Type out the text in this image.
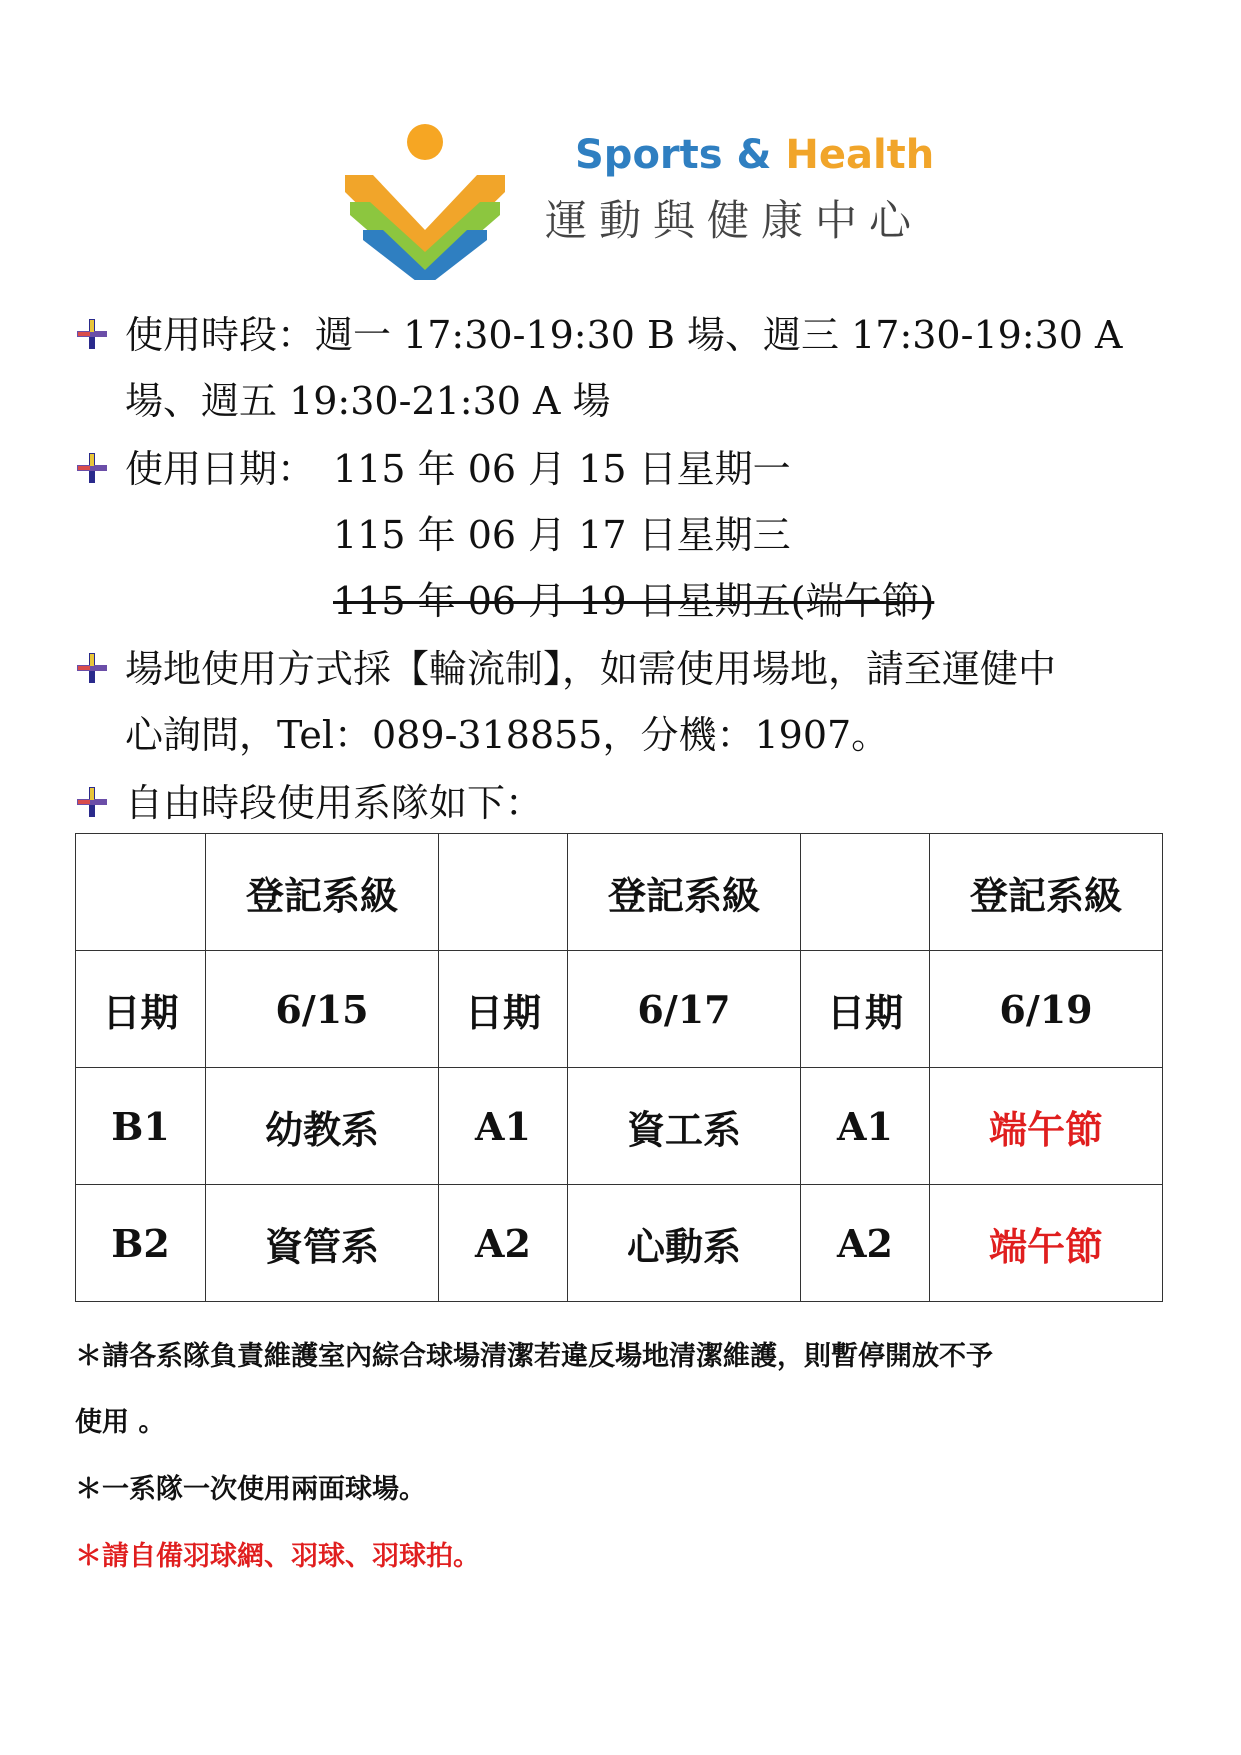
Sports & Health
運動與健康中心
使用時段：週一 17:30-19:30 B 場、週三 17:30-19:30 A
場、週五 19:30-21:30 A 場
使用日期： 115 年 06 月 15 日星期一
115 年 06 月 17 日星期三
115 年 06 月 19 日星期五(端午節)
場地使用方式採【輪流制】，如需使用場地，請至運健中
心詢問，Tel：089-318855，分機：1907。
自由時段使用系隊如下：
	登記系級		登記系級		登記系級
日期	6/15	日期	6/17	日期	6/19
B1	幼教系	A1	資工系	A1	端午節
B2	資管系	A2	心動系	A2	端午節
＊請各系隊負責維護室內綜合球場清潔若違反場地清潔維護，則暫停開放不予
使用 。
＊一系隊一次使用兩面球場。
＊請自備羽球網、羽球、羽球拍。
